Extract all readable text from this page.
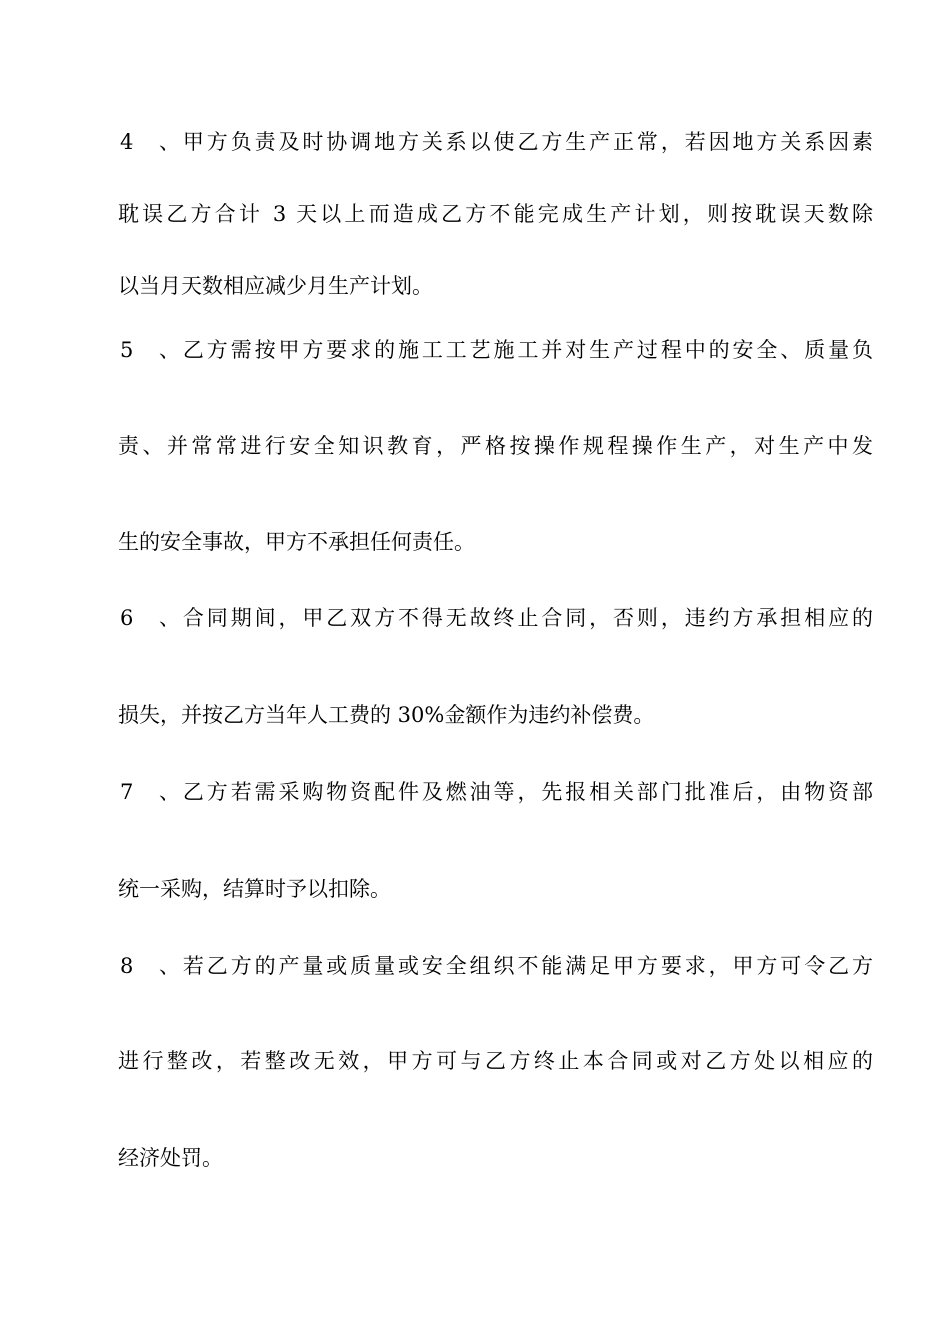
4、甲方负责及时协调地方关系以使乙方生产正常，若因地方关系因素
耽误乙方合计 3 天以上而造成乙方不能完成生产计划，则按耽误天数除
以当月天数相应减少月生产计划。
5、乙方需按甲方要求的施工工艺施工并对生产过程中的安全、质量负
责、并常常进行安全知识教育，严格按操作规程操作生产，对生产中发
生的安全事故，甲方不承担任何责任。
6、合同期间，甲乙双方不得无故终止合同，否则，违约方承担相应的
损失，并按乙方当年人工费的 30%金额作为违约补偿费。
7、乙方若需采购物资配件及燃油等，先报相关部门批准后，由物资部
统一采购，结算时予以扣除。
8、若乙方的产量或质量或安全组织不能满足甲方要求，甲方可令乙方
进行整改，若整改无效，甲方可与乙方终止本合同或对乙方处以相应的
经济处罚。
